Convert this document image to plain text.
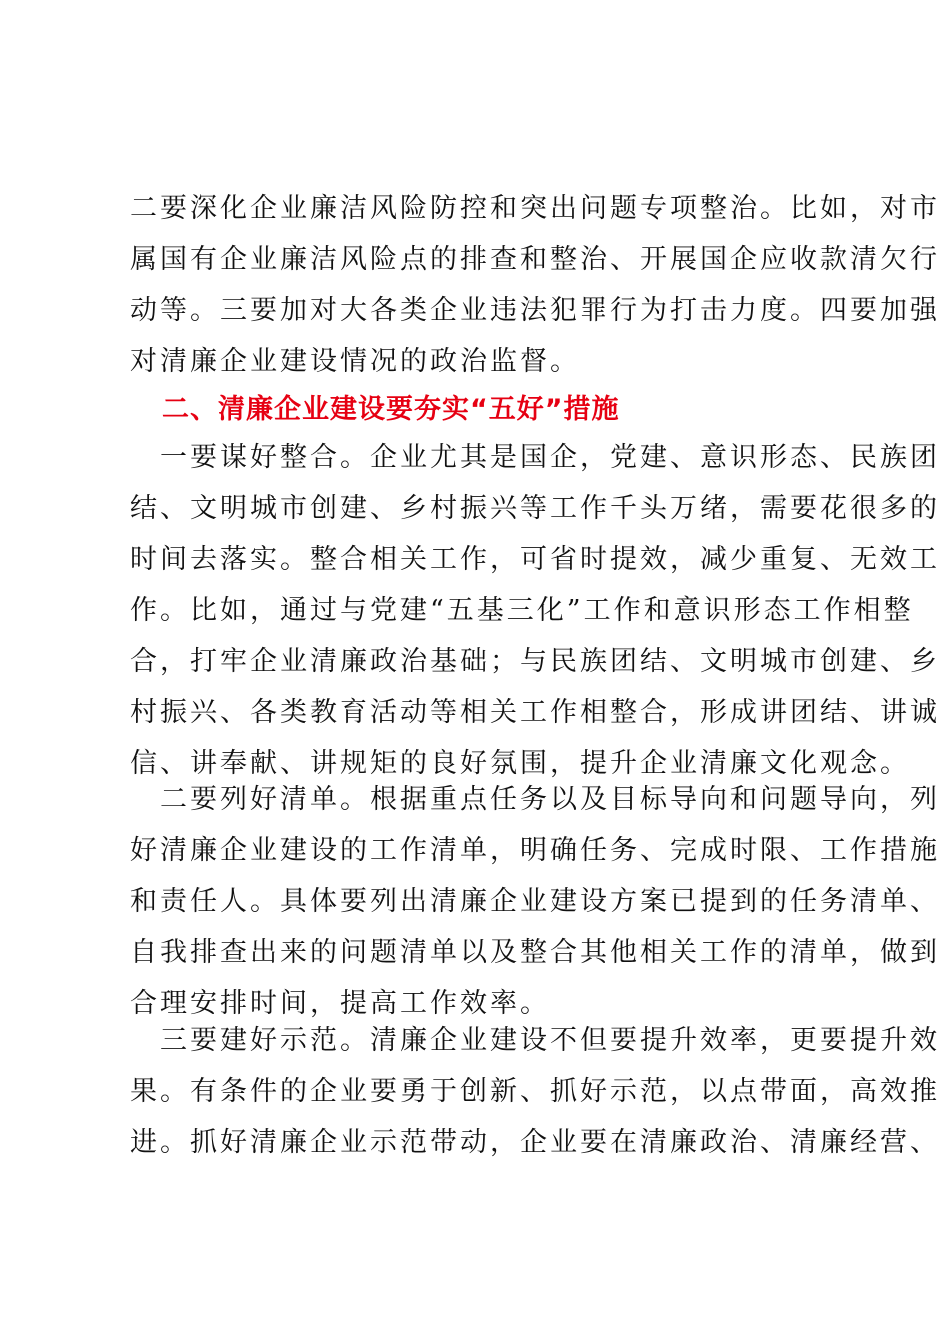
二要深化企业廉洁风险防控和突出问题专项整治。比如，对市
属国有企业廉洁风险点的排查和整治、开展国企应收款清欠行
动等。三要加对大各类企业违法犯罪行为打击力度。四要加强
对清廉企业建设情况的政治监督。
二、清廉企业建设要夯实“五好”措施
　一要谋好整合。企业尤其是国企，党建、意识形态、民族团
结、文明城市创建、乡村振兴等工作千头万绪，需要花很多的
时间去落实。整合相关工作，可省时提效，减少重复、无效工
作。比如，通过与党建“五基三化”工作和意识形态工作相整
合，打牢企业清廉政治基础；与民族团结、文明城市创建、乡
村振兴、各类教育活动等相关工作相整合，形成讲团结、讲诚
信、讲奉献、讲规矩的良好氛围，提升企业清廉文化观念。
　二要列好清单。根据重点任务以及目标导向和问题导向，列
好清廉企业建设的工作清单，明确任务、完成时限、工作措施
和责任人。具体要列出清廉企业建设方案已提到的任务清单、
自我排查出来的问题清单以及整合其他相关工作的清单，做到
合理安排时间，提高工作效率。
　三要建好示范。清廉企业建设不但要提升效率，更要提升效
果。有条件的企业要勇于创新、抓好示范，以点带面，高效推
进。抓好清廉企业示范带动，企业要在清廉政治、清廉经营、
